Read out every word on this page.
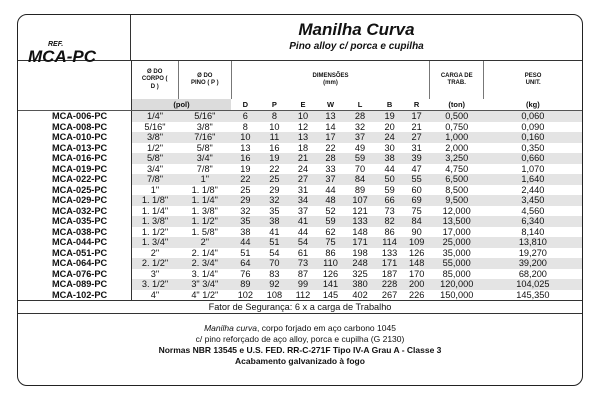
REF.
MCA-PC
Manilha Curva
Pino alloy c/ porca e cupilha

	Ø DO CORPO ( D )	Ø DO PINO ( P )	DIMENSÕES (mm)							CARGA DE TRAB.	PESO UNIT.

	(pol)		D	P	E	W	L	B	R	(ton)	(kg)
MCA-006-PC	1/4"	5/16"	6	8	10	13	28	19	17	0,500	0,060
MCA-008-PC	5/16"	3/8"	8	10	12	14	32	20	21	0,750	0,090
MCA-010-PC	3/8"	7/16"	10	11	13	17	37	24	27	1,000	0,160
MCA-013-PC	1/2"	5/8"	13	16	18	22	49	30	31	2,000	0,350
MCA-016-PC	5/8"	3/4"	16	19	21	28	59	38	39	3,250	0,660
MCA-019-PC	3/4"	7/8"	19	22	24	33	70	44	47	4,750	1,070
MCA-022-PC	7/8"	1"	22	25	27	37	84	50	55	6,500	1,640
MCA-025-PC	1"	1. 1/8"	25	29	31	44	89	59	60	8,500	2,440
MCA-029-PC	1. 1/8"	1. 1/4"	29	32	34	48	107	66	69	9,500	3,450
MCA-032-PC	1. 1/4"	1. 3/8"	32	35	37	52	121	73	75	12,000	4,560
MCA-035-PC	1. 3/8"	1. 1/2"	35	38	41	59	133	82	84	13,500	6,340
MCA-038-PC	1. 1/2"	1. 5/8"	38	41	44	62	148	86	90	17,000	8,140
MCA-044-PC	1. 3/4"	2"	44	51	54	75	171	114	109	25,000	13,810
MCA-051-PC	2"	2. 1/4"	51	54	61	86	198	133	126	35,000	19,270
MCA-064-PC	2. 1/2"	2. 3/4"	64	70	73	110	248	171	148	55,000	39,200
MCA-076-PC	3"	3. 1/4"	76	83	87	126	325	187	170	85,000	68,200
MCA-089-PC	3. 1/2"	3" 3/4"	89	92	99	141	380	228	200	120,000	104,025
MCA-102-PC	4"	4" 1/2"	102	108	112	145	402	267	226	150,000	145,350
Fator de Segurança: 6 x a carga de Trabalho
Manilha curva, corpo forjado em aço carbono 1045
c/ pino reforçado de aço alloy, porca e cupilha (G 2130)
Normas NBR 13545 e U.S. FED. RR-C-271F Tipo IV-A Grau A - Classe 3
Acabamento galvanizado à fogo
